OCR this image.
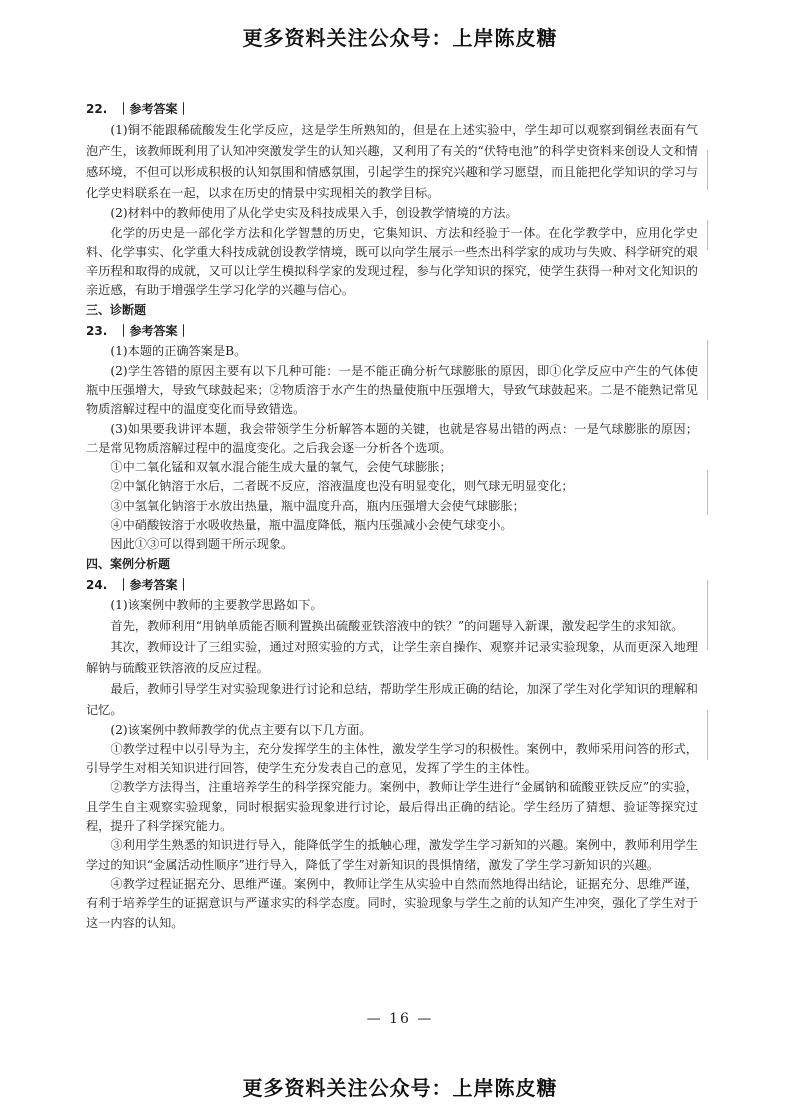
更多资料关注公众号：上岸陈皮糖
22. ｜参考答案｜

(1)铜不能跟稀硫酸发生化学反应，这是学生所熟知的，但是在上述实验中，学生却可以观察到铜丝表面有气泡产生，该教师既利用了认知冲突激发学生的认知兴趣，又利用了有关的“伏特电池”的科学史资料来创设人文和情感环境，不但可以形成积极的认知氛围和情感氛围，引起学生的探究兴趣和学习愿望，而且能把化学知识的学习与化学史料联系在一起，以求在历史的情景中实现相关的教学目标。

(2)材料中的教师使用了从化学史实及科技成果入手，创设教学情境的方法。

化学的历史是一部化学方法和化学智慧的历史，它集知识、方法和经验于一体。在化学教学中，应用化学史料、化学事实、化学重大科技成就创设教学情境，既可以向学生展示一些杰出科学家的成功与失败、科学研究的艰辛历程和取得的成就，又可以让学生模拟科学家的发现过程，参与化学知识的探究，使学生获得一种对文化知识的亲近感，有助于增强学生学习化学的兴趣与信心。

三、诊断题

23. ｜参考答案｜

(1)本题的正确答案是B。

(2)学生答错的原因主要有以下几种可能：一是不能正确分析气球膨胀的原因，即①化学反应中产生的气体使瓶中压强增大，导致气球鼓起来；②物质溶于水产生的热量使瓶中压强增大，导致气球鼓起来。二是不能熟记常见物质溶解过程中的温度变化而导致错选。

(3)如果要我讲评本题，我会带领学生分析解答本题的关键，也就是容易出错的两点：一是气球膨胀的原因；二是常见物质溶解过程中的温度变化。之后我会逐一分析各个选项。

①中二氧化锰和双氧水混合能生成大量的氧气，会使气球膨胀；

②中氯化钠溶于水后，二者既不反应，溶液温度也没有明显变化，则气球无明显变化；

③中氢氧化钠溶于水放出热量，瓶中温度升高，瓶内压强增大会使气球膨胀；

④中硝酸铵溶于水吸收热量，瓶中温度降低，瓶内压强减小会使气球变小。

因此①③可以得到题干所示现象。

四、案例分析题

24. ｜参考答案｜

(1)该案例中教师的主要教学思路如下。

首先，教师利用“用钠单质能否顺利置换出硫酸亚铁溶液中的铁？”的问题导入新课，激发起学生的求知欲。

其次，教师设计了三组实验，通过对照实验的方式，让学生亲自操作、观察并记录实验现象，从而更深入地理解钠与硫酸亚铁溶液的反应过程。

最后，教师引导学生对实验现象进行讨论和总结，帮助学生形成正确的结论，加深了学生对化学知识的理解和记忆。

(2)该案例中教师教学的优点主要有以下几方面。

①教学过程中以引导为主，充分发挥学生的主体性，激发学生学习的积极性。案例中，教师采用问答的形式，引导学生对相关知识进行回答，使学生充分发表自己的意见，发挥了学生的主体性。

②教学方法得当，注重培养学生的科学探究能力。案例中，教师让学生进行“金属钠和硫酸亚铁反应”的实验，且学生自主观察实验现象，同时根据实验现象进行讨论，最后得出正确的结论。学生经历了猜想、验证等探究过程，提升了科学探究能力。

③利用学生熟悉的知识进行导入，能降低学生的抵触心理，激发学生学习新知的兴趣。案例中，教师利用学生学过的知识“金属活动性顺序”进行导入，降低了学生对新知识的畏惧情绪，激发了学生学习新知识的兴趣。

④教学过程证据充分、思维严谨。案例中，教师让学生从实验中自然而然地得出结论，证据充分、思维严谨，有利于培养学生的证据意识与严谨求实的科学态度。同时，实验现象与学生之前的认知产生冲突，强化了学生对于这一内容的认知。

— 16 —
更多资料关注公众号：上岸陈皮糖
